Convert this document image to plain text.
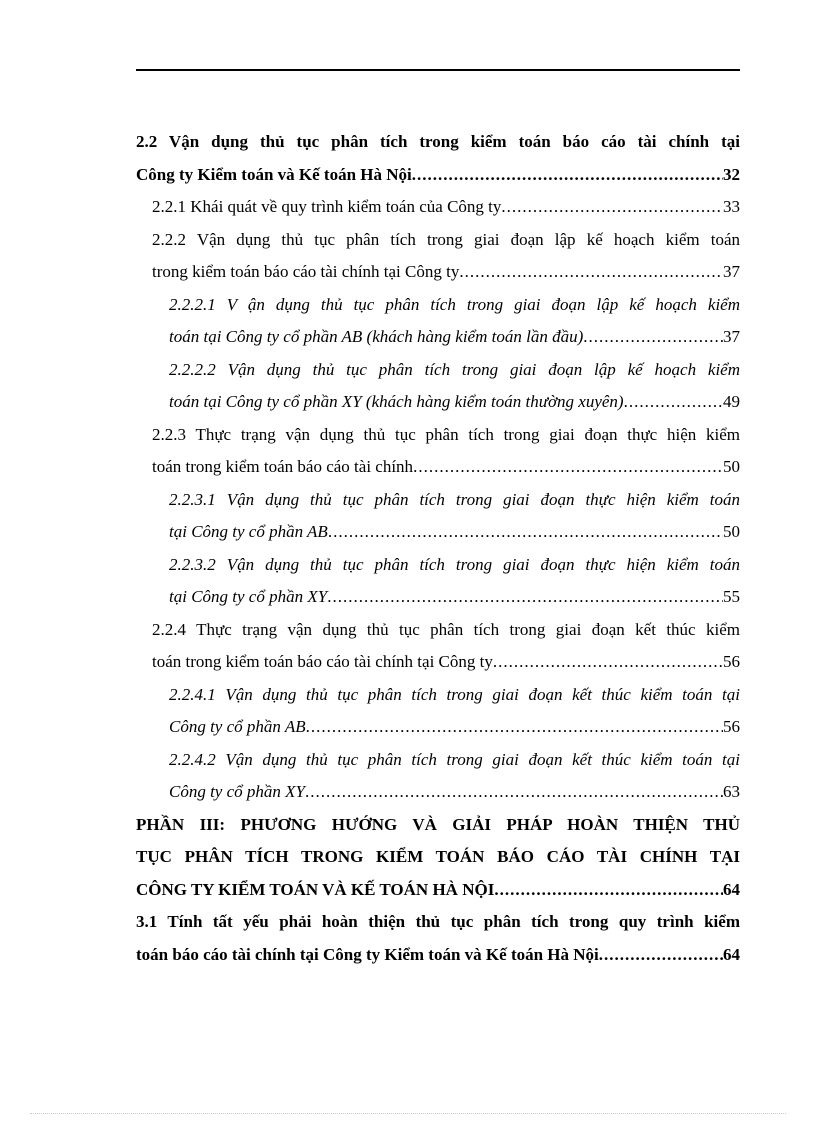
2.2 Vận dụng thủ tục phân tích trong kiểm toán báo cáo tài chính tại
Công ty Kiểm toán và Kế toán Hà Nội .....	32
2.2.1 Khái quát về quy trình kiểm toán của Công ty .....	33
2.2.2 Vận dụng thủ tục phân tích trong giai đoạn lập kế hoạch kiểm toán
trong kiểm toán báo cáo tài chính tại Công ty .....	37
2.2.2.1 V ận dụng thủ tục phân tích trong giai đoạn lập kế hoạch kiểm
toán tại Công ty cổ phần AB (khách hàng kiểm toán lần đầu) .....	37
2.2.2.2 Vận dụng thủ tục phân tích trong giai đoạn lập kế hoạch kiểm
toán tại Công ty cổ phần XY (khách hàng kiểm toán thường xuyên) .....	49
2.2.3 Thực trạng vận dụng thủ tục phân tích trong giai đoạn thực hiện kiểm
toán trong kiểm toán báo cáo tài chính .....	50
2.2.3.1 Vận dụng thủ tục phân tích trong giai đoạn thực hiện kiểm toán
tại Công ty cổ phần AB .....	50
2.2.3.2 Vận dụng thủ tục phân tích trong giai đoạn thực hiện kiểm toán
tại Công ty cổ phần XY .....	55
2.2.4 Thực trạng vận dụng thủ tục phân tích trong giai đoạn kết thúc kiểm
toán trong kiểm toán báo cáo tài chính tại Công ty .....	56
2.2.4.1 Vận dụng thủ tục phân tích trong giai đoạn kết thúc kiểm toán tại
Công ty cổ phần AB .....	56
2.2.4.2 Vận dụng thủ tục phân tích trong giai đoạn kết thúc kiểm toán tại
Công ty cổ phần XY .....	63
PHẦN III: PHƯƠNG HƯỚNG VÀ GIẢI PHÁP HOÀN THIỆN THỦ
TỤC PHÂN TÍCH TRONG KIỂM TOÁN BÁO CÁO TÀI CHÍNH TẠI
CÔNG TY KIỂM TOÁN VÀ KẾ TOÁN HÀ NỘI .....	64
3.1 Tính tất yếu phải hoàn thiện thủ tục phân tích trong quy trình kiểm
toán báo cáo tài chính tại Công ty Kiểm toán và Kế toán Hà Nội .....	64
